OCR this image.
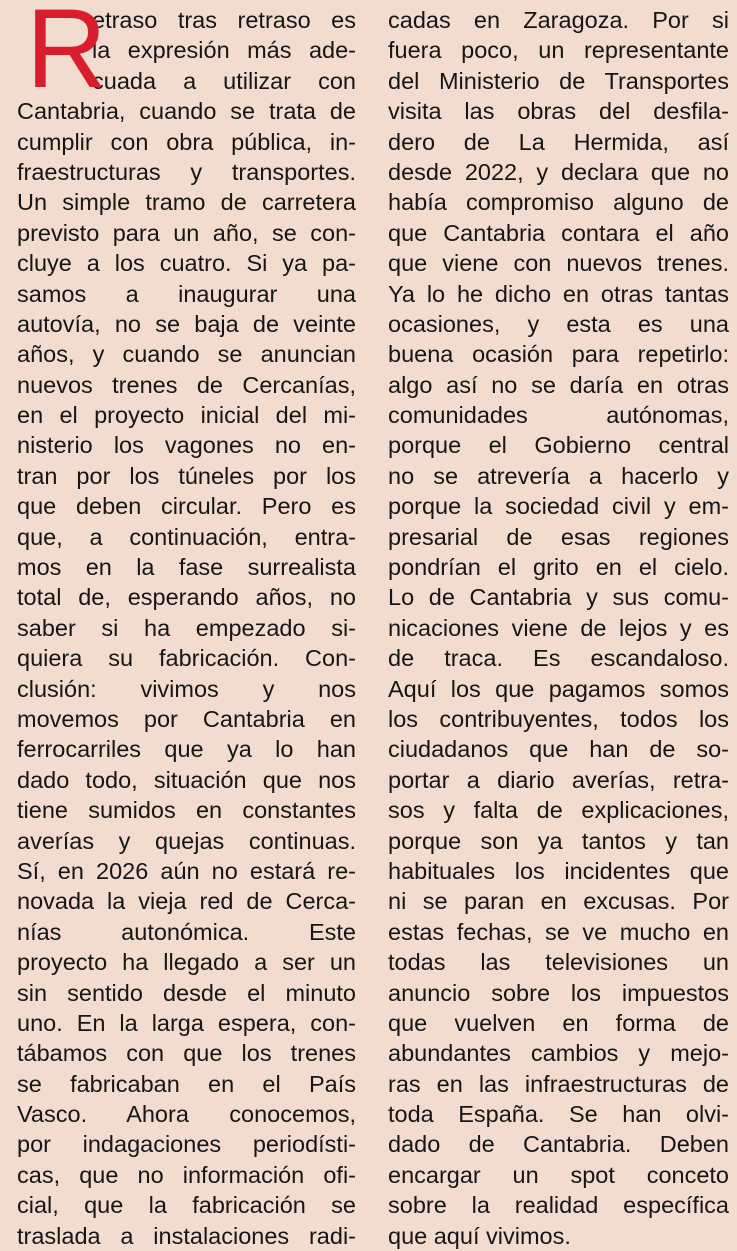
R
etraso tras retraso es
la expresión más ade-
cuada a utilizar con
Cantabria, cuando se trata de
cumplir con obra pública, in-
fraestructuras y transportes.
Un simple tramo de carretera
previsto para un año, se con-
cluye a los cuatro. Si ya pa-
samos a inaugurar una
autovía, no se baja de veinte
años, y cuando se anuncian
nuevos trenes de Cercanías,
en el proyecto inicial del mi-
nisterio los vagones no en-
tran por los túneles por los
que deben circular. Pero es
que, a continuación, entra-
mos en la fase surrealista
total de, esperando años, no
saber si ha empezado si-
quiera su fabricación. Con-
clusión: vivimos y nos
movemos por Cantabria en
ferrocarriles que ya lo han
dado todo, situación que nos
tiene sumidos en constantes
averías y quejas continuas.
Sí, en 2026 aún no estará re-
novada la vieja red de Cerca-
nías autonómica. Este
proyecto ha llegado a ser un
sin sentido desde el minuto
uno. En la larga espera, con-
tábamos con que los trenes
se fabricaban en el País
Vasco. Ahora conocemos,
por indagaciones periodísti-
cas, que no información ofi-
cial, que la fabricación se
traslada a instalaciones radi-
cadas en Zaragoza. Por si
fuera poco, un representante
del Ministerio de Transportes
visita las obras del desfila-
dero de La Hermida, así
desde 2022, y declara que no
había compromiso alguno de
que Cantabria contara el año
que viene con nuevos trenes.
Ya lo he dicho en otras tantas
ocasiones, y esta es una
buena ocasión para repetirlo:
algo así no se daría en otras
comunidades autónomas,
porque el Gobierno central
no se atrevería a hacerlo y
porque la sociedad civil y em-
presarial de esas regiones
pondrían el grito en el cielo.
Lo de Cantabria y sus comu-
nicaciones viene de lejos y es
de traca. Es escandaloso.
Aquí los que pagamos somos
los contribuyentes, todos los
ciudadanos que han de so-
portar a diario averías, retra-
sos y falta de explicaciones,
porque son ya tantos y tan
habituales los incidentes que
ni se paran en excusas. Por
estas fechas, se ve mucho en
todas las televisiones un
anuncio sobre los impuestos
que vuelven en forma de
abundantes cambios y mejo-
ras en las infraestructuras de
toda España. Se han olvi-
dado de Cantabria. Deben
encargar un spot conceto
sobre la realidad específica
que aquí vivimos.
